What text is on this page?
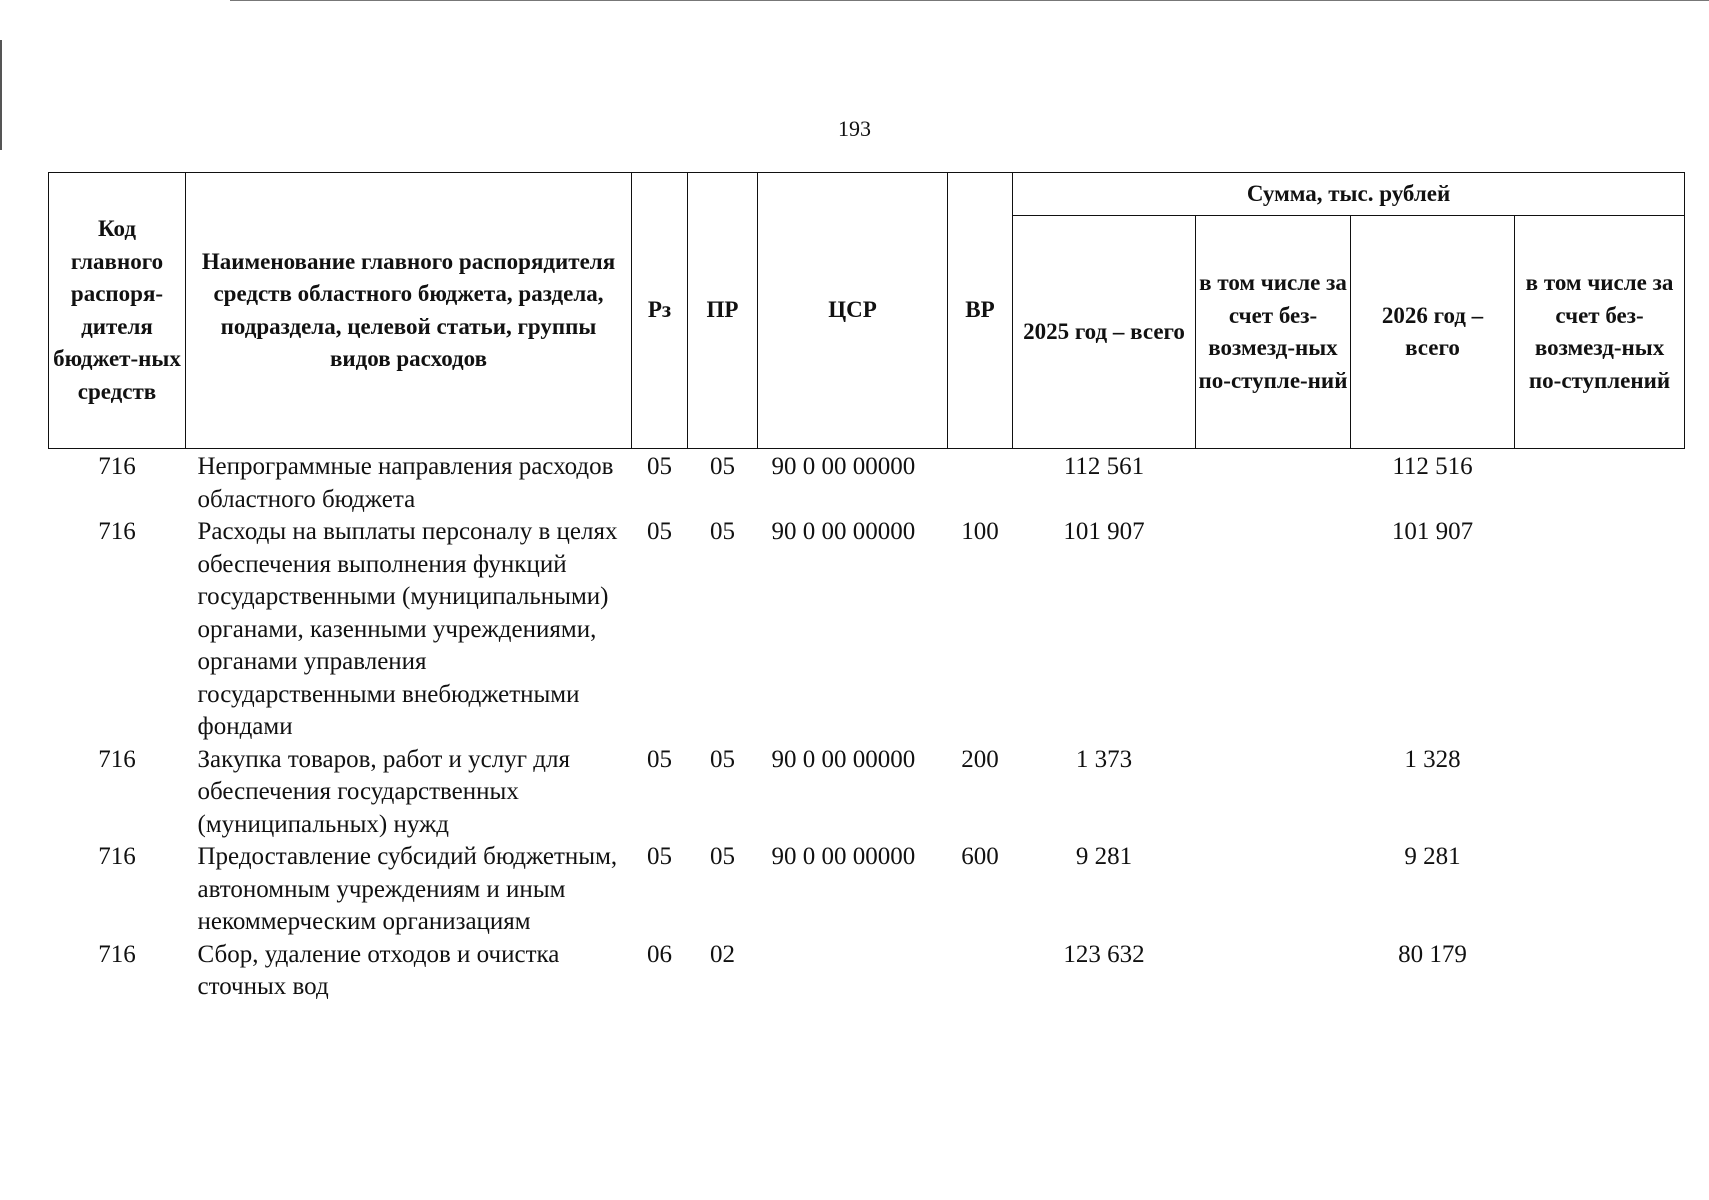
193
Код главного распоря-дителя бюджет-ных средств	Наименование главного распорядителя средств областного бюджета, раздела, подраздела, целевой статьи, группы видов расходов	Рз	ПР	ЦСР	ВР	Сумма, тыс. рублей			
						2025 год – всего	в том числе за счет без-возмезд-ных по-ступле-ний	2026 год – всего	в том числе за счет без-возмезд-ных по-ступлений
716	Непрограммные направления расходов областного бюджета	05	05	90 0 00 00000		112 561		112 516	
716	Расходы на выплаты персоналу в целях обеспечения выполнения функций государственными (муниципальными) органами, казенными учреждениями, органами управления государственными внебюджетными фондами	05	05	90 0 00 00000	100	101 907		101 907	
716	Закупка товаров, работ и услуг для обеспечения государственных (муниципальных) нужд	05	05	90 0 00 00000	200	1 373		1 328	
716	Предоставление субсидий бюджетным, автономным учреждениям и иным некоммерческим организациям	05	05	90 0 00 00000	600	9 281		9 281	
716	Сбор, удаление отходов и очистка сточных вод	06	02			123 632		80 179	
